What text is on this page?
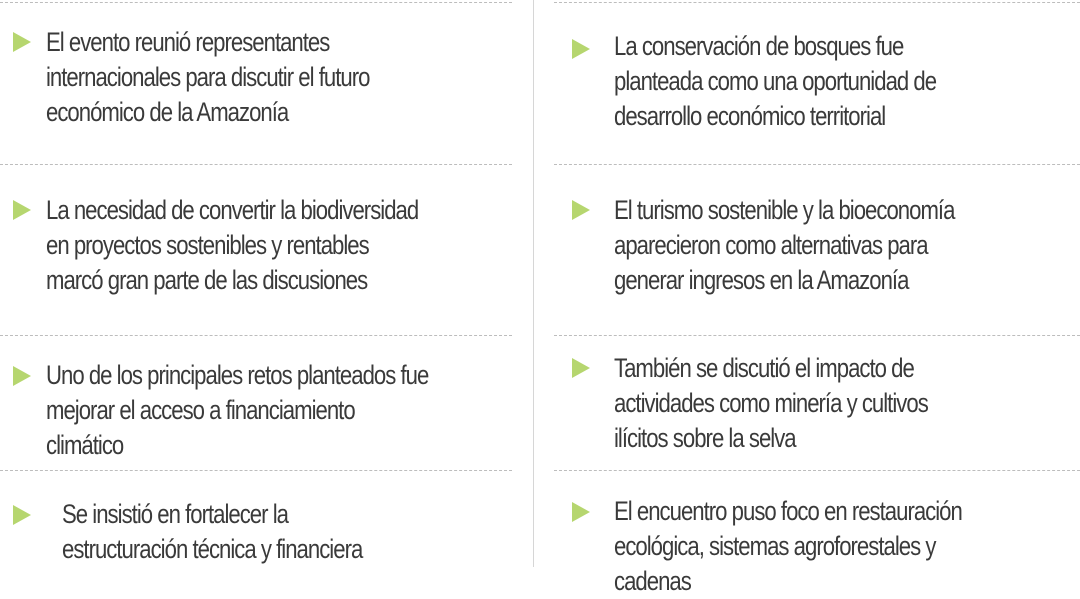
El evento reunió representantes
internacionales para discutir el futuro
económico de la Amazonía
La necesidad de convertir la biodiversidad
en proyectos sostenibles y rentables
marcó gran parte de las discusiones
Uno de los principales retos planteados fue
mejorar el acceso a financiamiento climático
Se insistió en fortalecer la
estructuración técnica y financiera
La conservación de bosques fue
planteada como una oportunidad de
desarrollo económico territorial
El turismo sostenible y la bioeconomía
aparecieron como alternativas para
generar ingresos en la Amazonía
También se discutió el impacto de
actividades como minería y cultivos
ilícitos sobre la selva
El encuentro puso foco en restauración
ecológica, sistemas agroforestales y cadenas
